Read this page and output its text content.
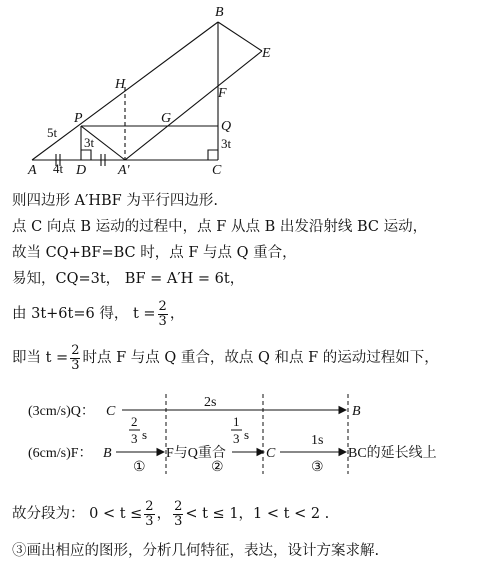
B
E
H
F
P	G
Q
A	D A'	C
5t
3t
4t
3t
则四边形 A′HBF 为平行四边形.
点 C 向点 B 运动的过程中，点 F 从点 B 出发沿射线 BC 运动，
故当 CQ+BF=BC 时，点 F 与点 Q 重合，
易知，CQ=3t， BF = A′H = 6t，
由 3t+6t=6 得， $t = \frac{2}{3}$ ，
即当 $t = \frac{2}{3}$ 时点 F 与点 Q 重合，故点 Q 和点 F 的运动过程如下，
(3cm/s)Q： C	B
2s
(6cm/s)F： B
2
3 s
①
F与Q重合
1
3 s
②
C
1s
③
BC的延长线上
故分段为： $0 < t \le \frac{2}{3}$ ， $\frac{2}{3} < t \le 1$，1 < t < 2 .
③画出相应的图形，分析几何特征，表达，设计方案求解.
